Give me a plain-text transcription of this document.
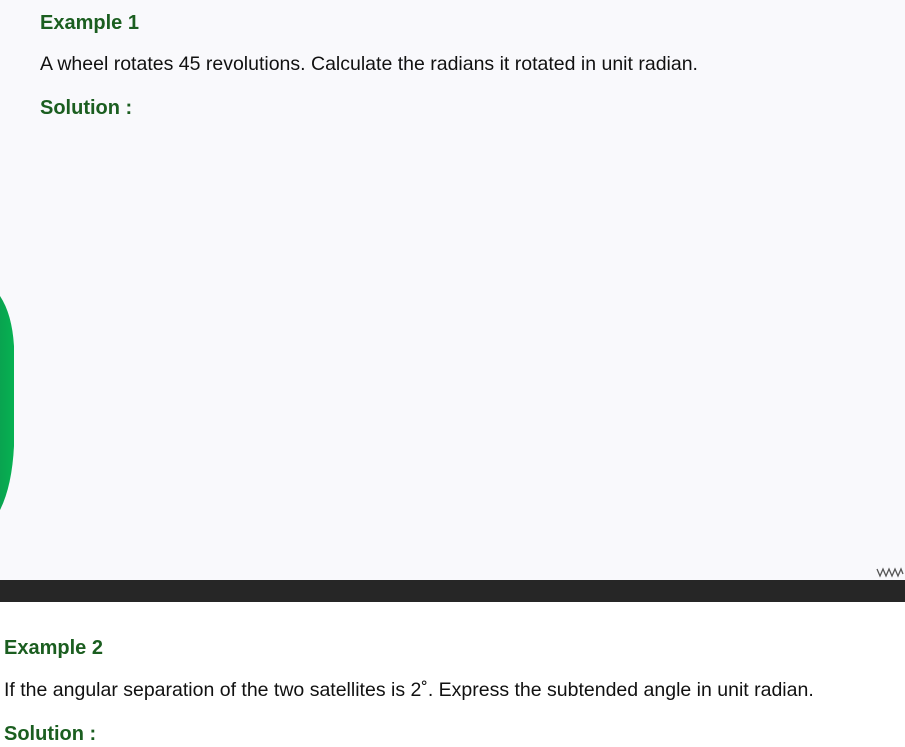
Example 1

A wheel rotates 45 revolutions. Calculate the radians it rotated in unit radian.

Solution :

Example 2

If the angular separation of the two satellites is 2˚. Express the subtended angle in unit radian.

Solution :
